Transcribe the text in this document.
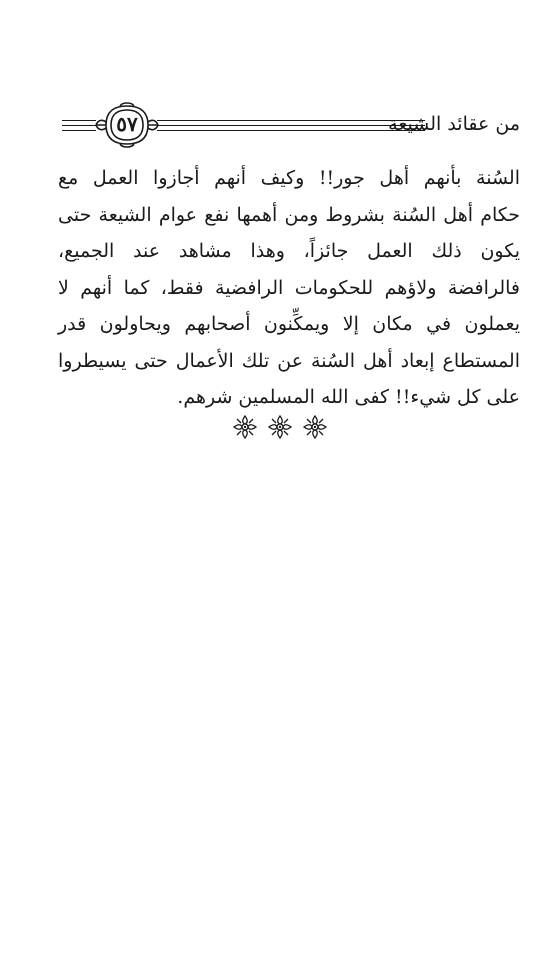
٥٧	من عقائد الشيعة
السُنة بأنهم أهل جور!! وكيف أنهم أجازوا العمل مع
حكام أهل السُنة بشروط ومن أهمها نفع عوام الشيعة حتى
يكون ذلك العمل جائزاً، وهذا مشاهد عند الجميع،
فالرافضة ولاؤهم للحكومات الرافضية فقط، كما أنهم لا
يعملون في مكان إلا ويمكِّنون أصحابهم ويحاولون قدر
المستطاع إبعاد أهل السُنة عن تلك الأعمال حتى يسيطروا
على كل شيء!! كفى الله المسلمين شرهم.
